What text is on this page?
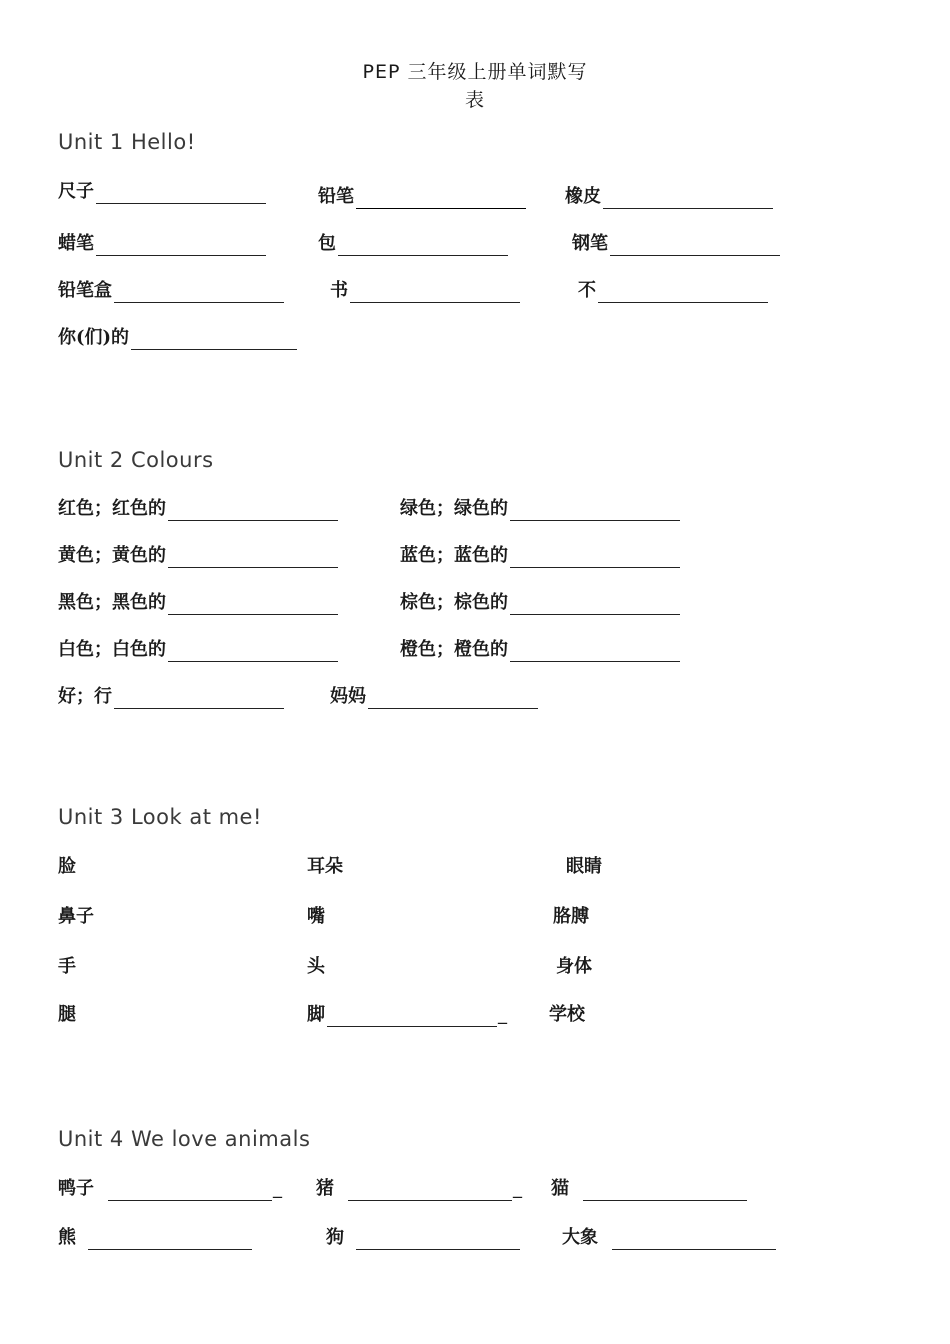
PEP 三年级上册单词默写
表
Unit 1 Hello!
尺子	铅笔	橡皮
蜡笔	包	钢笔
铅笔盒	书	不
你(们)的
Unit 2 Colours
红色；红色的	绿色；绿色的
黄色；黄色的	蓝色；蓝色的
黑色；黑色的	棕色；棕色的
白色；白色的	橙色；橙色的
好；行	妈妈
Unit 3 Look at me!
脸	耳朵	眼睛
鼻子	嘴	胳膊
手	头	身体
腿	脚	_ 学校
Unit 4 We love animals
鸭子	_ 猪	_ 猫
熊	狗	大象
